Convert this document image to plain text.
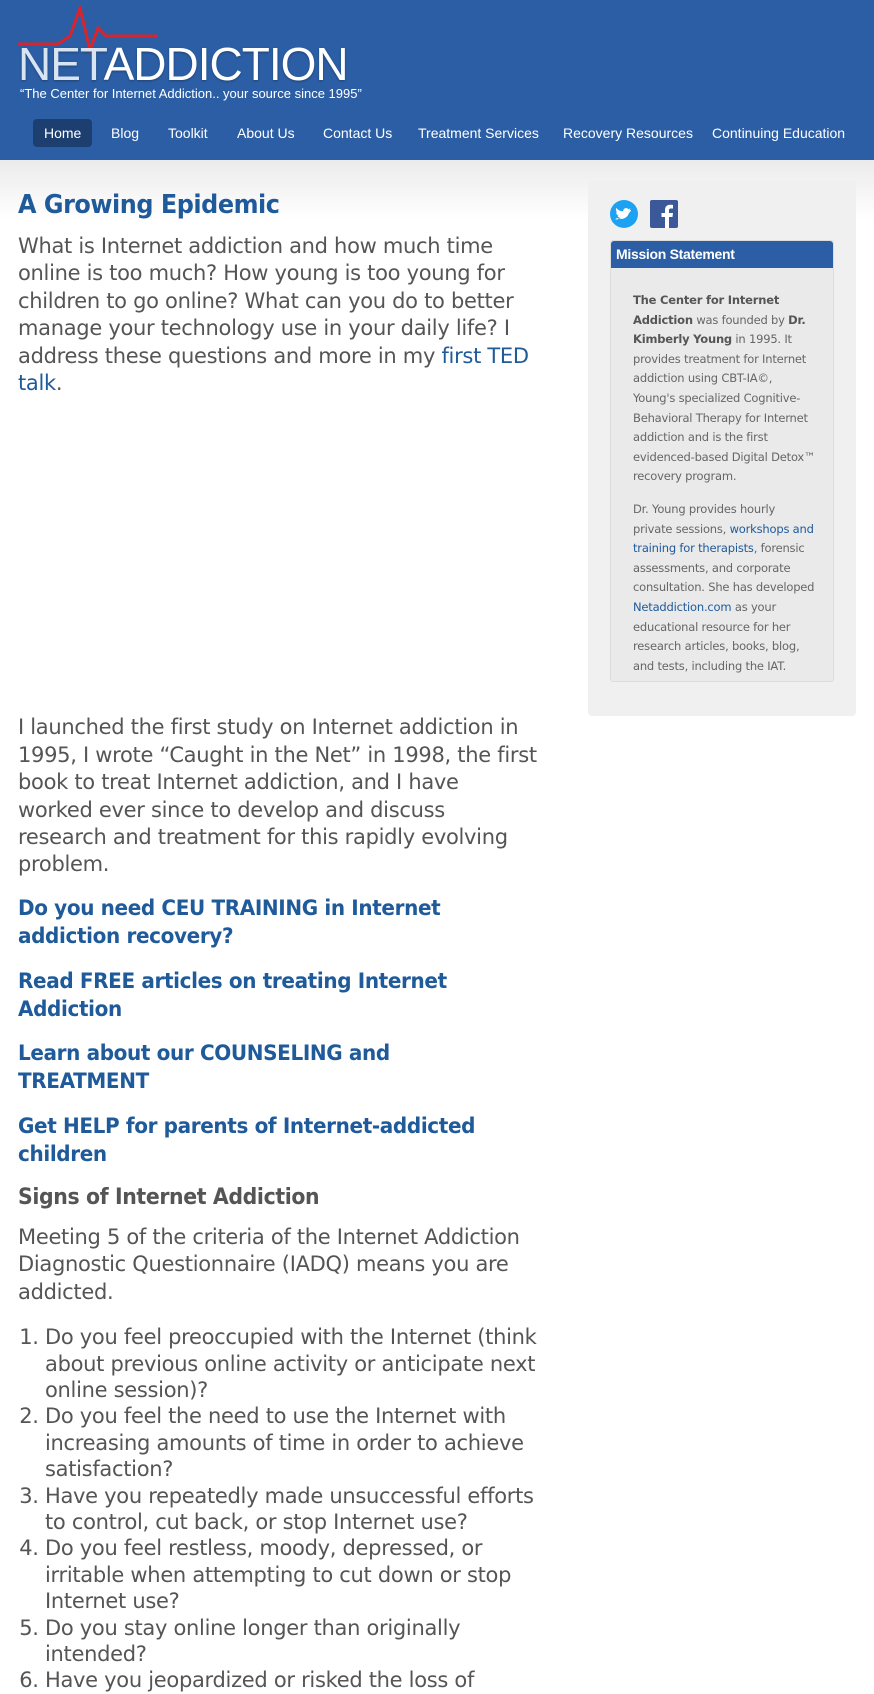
NETADDICTION
“The Center for Internet Addiction.. your source since 1995”
Home	Blog Toolkit About Us Contact Us Treatment Services Recovery Resources Continuing Education
A Growing Epidemic

What is Internet addiction and how much time online is too much? How young is too young for children to go online? What can you do to better manage your technology use in your daily life? I address these questions and more in my first TED talk.

I launched the first study on Internet addiction in 1995, I wrote “Caught in the Net” in 1998, the first book to treat Internet addiction, and I have worked ever since to develop and discuss research and treatment for this rapidly evolving problem.

Do you need CEU TRAINING in Internet addiction recovery?
Read FREE articles on treating Internet Addiction
Learn about our COUNSELING and TREATMENT
Get HELP for parents of Internet-addicted children
Signs of Internet Addiction

Meeting 5 of the criteria of the Internet Addiction Diagnostic Questionnaire (IADQ) means you are addicted.

1. Do you feel preoccupied with the Internet (think about previous online activity or anticipate next online session)?
2. Do you feel the need to use the Internet with increasing amounts of time in order to achieve satisfaction?
3. Have you repeatedly made unsuccessful efforts to control, cut back, or stop Internet use?
4. Do you feel restless, moody, depressed, or irritable when attempting to cut down or stop Internet use?
5. Do you stay online longer than originally intended?
6. Have you jeopardized or risked the loss of
Mission Statement

The Center for Internet Addiction was founded by Dr. Kimberly Young in 1995. It provides treatment for Internet addiction using CBT-IA©, Young's specialized Cognitive-Behavioral Therapy for Internet addiction and is the first evidenced-based Digital Detox™ recovery program.

Dr. Young provides hourly private sessions, workshops and training for therapists, forensic assessments, and corporate consultation. She has developed Netaddiction.com as your educational resource for her research articles, books, blog, and tests, including the IAT.
